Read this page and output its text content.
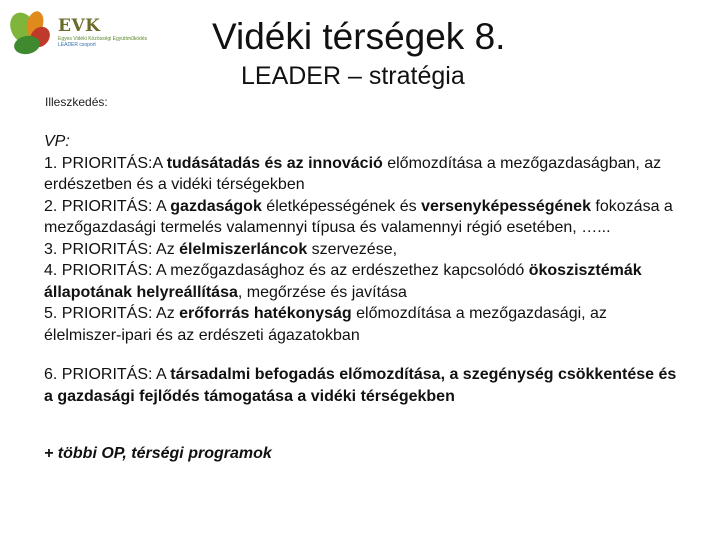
EVK
Egyes Vidéki Közösségi Együttműködés
LEADER csoport	Vidéki térségek 8.
LEADER – stratégia
Illeszkedés:

VP:

1. PRIORITÁS:A tudásátadás és az innováció előmozdítása a mezőgazdaságban, az erdészetben és a vidéki térségekben

2. PRIORITÁS: A gazdaságok életképességének és versenyképességének fokozása a mezőgazdasági termelés valamennyi típusa és valamennyi régió esetében, …...

3. PRIORITÁS: Az élelmiszerláncok szervezése,

4. PRIORITÁS: A mezőgazdasághoz és az erdészethez kapcsolódó ökoszisztémák állapotának helyreállítása, megőrzése és javítása

5. PRIORITÁS: Az erőforrás hatékonyság előmozdítása a mezőgazdasági, az élelmiszer-ipari és az erdészeti ágazatokban

6. PRIORITÁS: A társadalmi befogadás előmozdítása, a szegénység csökkentése és a gazdasági fejlődés támogatása a vidéki térségekben

+ többi OP, térségi programok
